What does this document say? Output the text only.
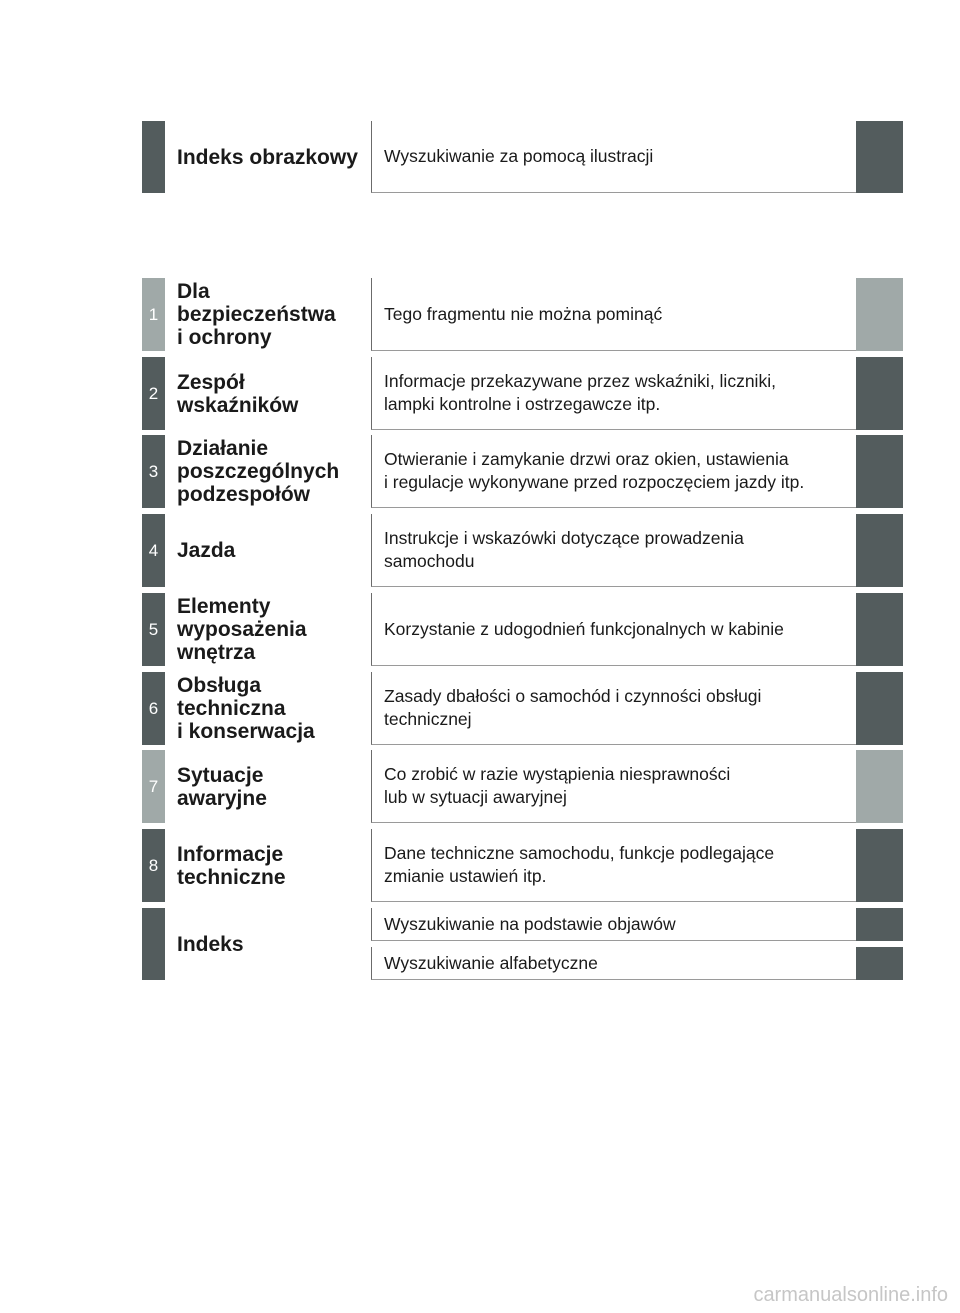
Indeks obrazkowy	Wyszukiwanie za pomocą ilustracji
1
Dla
bezpieczeństwa
i ochrony
Tego fragmentu nie można pominąć
2 Zespół
wskaźników
Informacje przekazywane przez wskaźniki, liczniki,
lampki kontrolne i ostrzegawcze itp.
3
Działanie
poszczególnych
podzespołów
Otwieranie i zamykanie drzwi oraz okien, ustawienia
i regulacje wykonywane przed rozpoczęciem jazdy itp.
4 Jazda
Instrukcje i wskazówki dotyczące prowadzenia
samochodu
5
Elementy
wyposażenia
wnętrza
Korzystanie z udogodnień funkcjonalnych w kabinie
6
Obsługa
techniczna
i konserwacja
Zasady dbałości o samochód i czynności obsługi
technicznej
7 Sytuacje
awaryjne
Co zrobić w razie wystąpienia niesprawności
lub w sytuacji awaryjnej
8 Informacje
techniczne
Dane techniczne samochodu, funkcje podlegające
zmianie ustawień itp.
Indeks
Wyszukiwanie na podstawie objawów
Wyszukiwanie alfabetyczne
carmanualsonline.info
